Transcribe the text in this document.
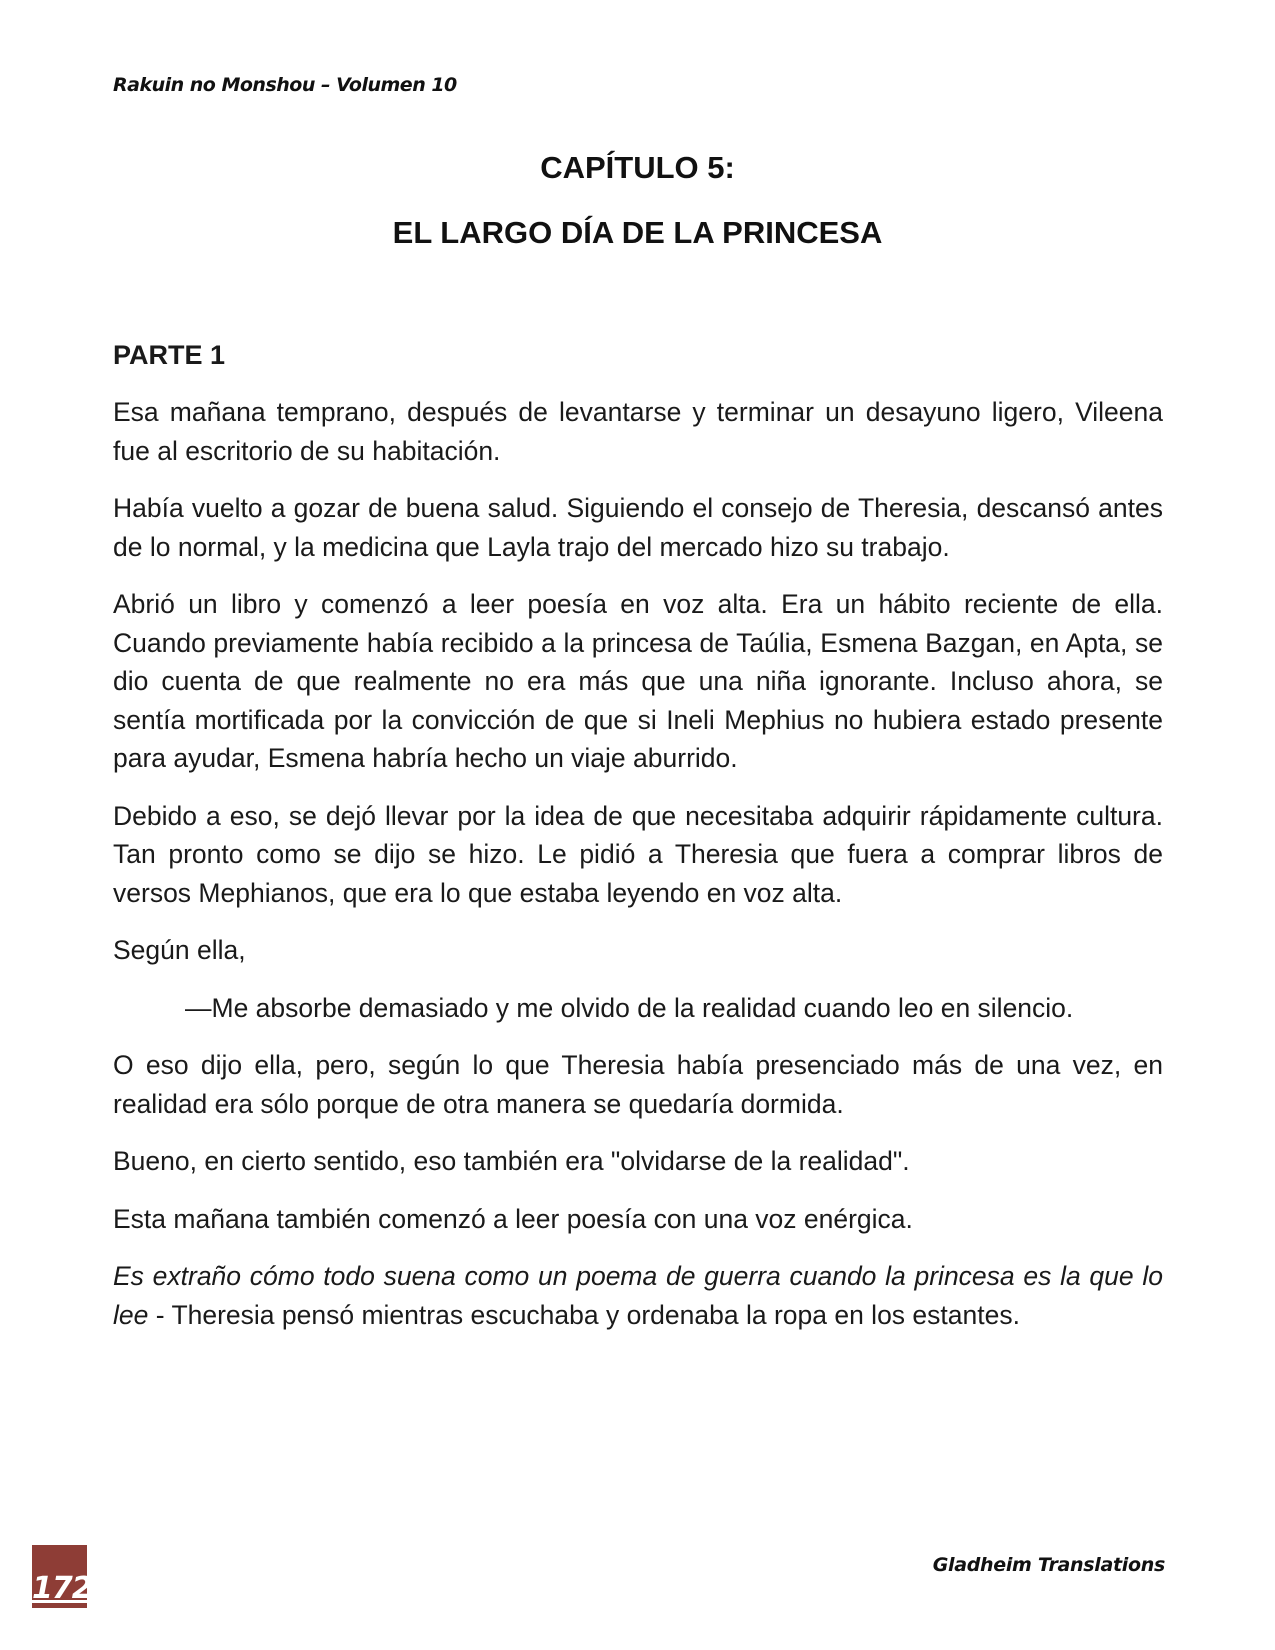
Rakuin no Monshou – Volumen 10
CAPÍTULO 5:
EL LARGO DÍA DE LA PRINCESA
PARTE 1

Esa mañana temprano, después de levantarse y terminar un desayuno ligero, Vileena fue al escritorio de su habitación.

Había vuelto a gozar de buena salud. Siguiendo el consejo de Theresia, descansó antes de lo normal, y la medicina que Layla trajo del mercado hizo su trabajo.

Abrió un libro y comenzó a leer poesía en voz alta. Era un hábito reciente de ella. Cuando previamente había recibido a la princesa de Taúlia, Esmena Bazgan, en Apta, se dio cuenta de que realmente no era más que una niña ignorante. Incluso ahora, se sentía mortificada por la convicción de que si Ineli Mephius no hubiera estado presente para ayudar, Esmena habría hecho un viaje aburrido.

Debido a eso, se dejó llevar por la idea de que necesitaba adquirir rápidamente cultura. Tan pronto como se dijo se hizo. Le pidió a Theresia que fuera a comprar libros de versos Mephianos, que era lo que estaba leyendo en voz alta.

Según ella,

—Me absorbe demasiado y me olvido de la realidad cuando leo en silencio.

O eso dijo ella, pero, según lo que Theresia había presenciado más de una vez, en realidad era sólo porque de otra manera se quedaría dormida.

Bueno, en cierto sentido, eso también era "olvidarse de la realidad".

Esta mañana también comenzó a leer poesía con una voz enérgica.

Es extraño cómo todo suena como un poema de guerra cuando la princesa es la que lo lee - Theresia pensó mientras escuchaba y ordenaba la ropa en los estantes.

172
Gladheim Translations
